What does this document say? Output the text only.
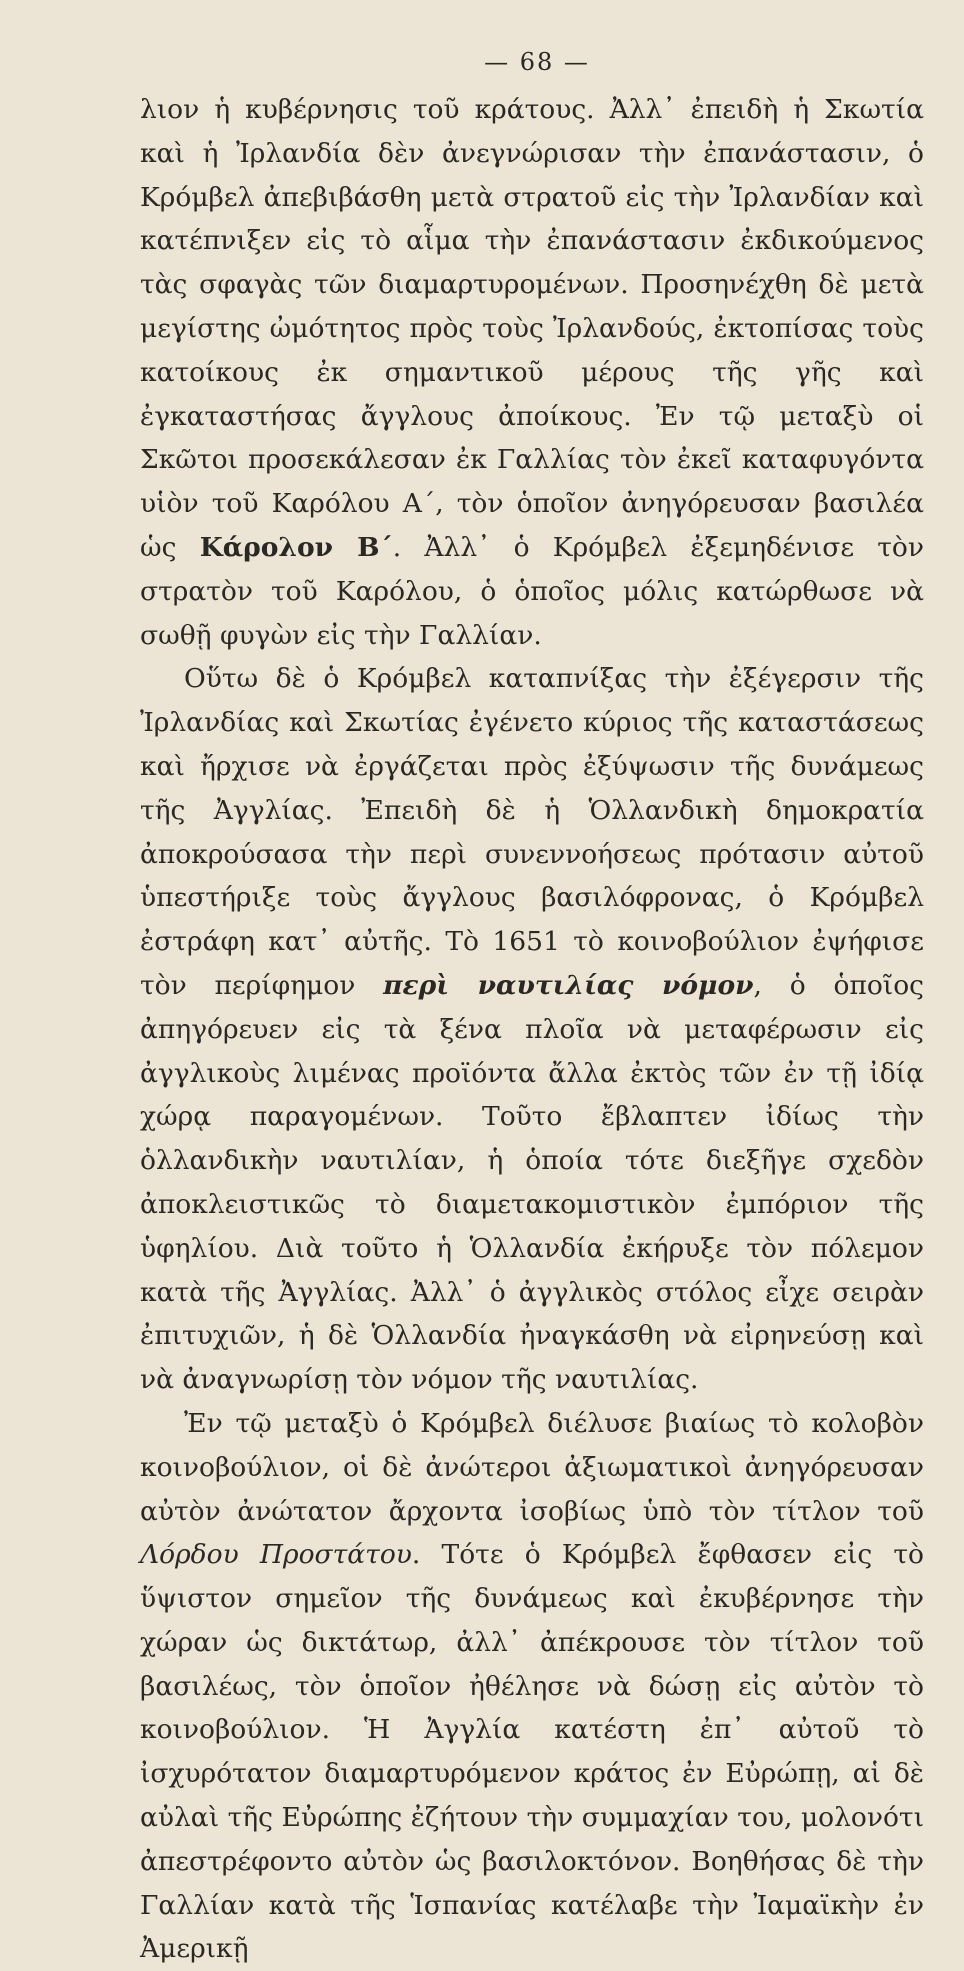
— 68 —

λιον ἡ κυβέρνησις τοῦ κράτους. Ἀλλ᾽ ἐπειδὴ ἡ Σκωτία καὶ ἡ Ἰρλανδία δὲν ἀνεγνώρισαν τὴν ἐπανάστασιν, ὁ Κρόμβελ ἀπεβιβάσθη μετὰ στρατοῦ εἰς τὴν Ἰρλανδίαν καὶ κατέπνιξεν εἰς τὸ αἷμα τὴν ἐπανάστασιν ἐκδικούμενος τὰς σφαγὰς τῶν διαμαρτυρομένων. Προσηνέχθη δὲ μετὰ μεγίστης ὠμότητος πρὸς τοὺς Ἰρλανδούς, ἐκτοπίσας τοὺς κατοίκους ἐκ σημαντικοῦ μέρους τῆς γῆς καὶ ἐγκαταστήσας ἄγγλους ἀποίκους. Ἐν τῷ μεταξὺ οἱ Σκῶτοι προσεκάλεσαν ἐκ Γαλλίας τὸν ἐκεῖ καταφυγόντα υἱὸν τοῦ Καρόλου Α΄, τὸν ὁποῖον ἀνηγόρευσαν βασιλέα ὡς Κάρολον Β΄. Ἀλλ᾽ ὁ Κρόμβελ ἐξεμηδένισε τὸν στρατὸν τοῦ Καρόλου, ὁ ὁποῖος μόλις κατώρθωσε νὰ σωθῇ φυγὼν εἰς τὴν Γαλλίαν.

Οὕτω δὲ ὁ Κρόμβελ καταπνίξας τὴν ἐξέγερσιν τῆς Ἰρλανδίας καὶ Σκωτίας ἐγένετο κύριος τῆς καταστάσεως καὶ ἤρχισε νὰ ἐργάζεται πρὸς ἐξύψωσιν τῆς δυνάμεως τῆς Ἀγγλίας. Ἐπειδὴ δὲ ἡ Ὁλλανδικὴ δημοκρατία ἀποκρούσασα τὴν περὶ συνεννοήσεως πρότασιν αὐτοῦ ὑπεστήριξε τοὺς ἄγγλους βασιλόφρονας, ὁ Κρόμβελ ἐστράφη κατ᾽ αὐτῆς. Τὸ 1651 τὸ κοινοβούλιον ἐψήφισε τὸν περίφημον περὶ ναυτιλίας νόμον, ὁ ὁποῖος ἀπηγόρευεν εἰς τὰ ξένα πλοῖα νὰ μεταφέρωσιν εἰς ἀγγλικοὺς λιμένας προϊόντα ἄλλα ἐκτὸς τῶν ἐν τῇ ἰδίᾳ χώρᾳ παραγομένων. Τοῦτο ἔβλαπτεν ἰδίως τὴν ὁλλανδικὴν ναυτιλίαν, ἡ ὁποία τότε διεξῆγε σχεδὸν ἀποκλειστικῶς τὸ διαμετακομιστικὸν ἐμπόριον τῆς ὑφηλίου. Διὰ τοῦτο ἡ Ὁλλανδία ἐκήρυξε τὸν πόλεμον κατὰ τῆς Ἀγγλίας. Ἀλλ᾽ ὁ ἀγγλικὸς στόλος εἶχε σειρὰν ἐπιτυχιῶν, ἡ δὲ Ὁλλανδία ἠναγκάσθη νὰ εἰρηνεύσῃ καὶ νὰ ἀναγνωρίσῃ τὸν νόμον τῆς ναυτιλίας.

Ἐν τῷ μεταξὺ ὁ Κρόμβελ διέλυσε βιαίως τὸ κολοβὸν κοινοβούλιον, οἱ δὲ ἀνώτεροι ἀξιωματικοὶ ἀνηγόρευσαν αὐτὸν ἀνώτατον ἄρχοντα ἰσοβίως ὑπὸ τὸν τίτλον τοῦ Λόρδου Προστάτου. Τότε ὁ Κρόμβελ ἔφθασεν εἰς τὸ ὕψιστον σημεῖον τῆς δυνάμεως καὶ ἐκυβέρνησε τὴν χώραν ὡς δικτάτωρ, ἀλλ᾽ ἀπέκρουσε τὸν τίτλον τοῦ βασιλέως, τὸν ὁποῖον ἠθέλησε νὰ δώσῃ εἰς αὐτὸν τὸ κοινοβούλιον. Ἡ Ἀγγλία κατέστη ἐπ᾽ αὐτοῦ τὸ ἰσχυρότατον διαμαρτυρόμενον κράτος ἐν Εὐρώπῃ, αἱ δὲ αὐλαὶ τῆς Εὐρώπης ἐζήτουν τὴν συμμαχίαν του, μολονότι ἀπεστρέφοντο αὐτὸν ὡς βασιλοκτόνον. Βοηθήσας δὲ τὴν Γαλλίαν κατὰ τῆς Ἱσπανίας κατέλαβε τὴν Ἰαμαϊκὴν ἐν Ἀμερικῇ
